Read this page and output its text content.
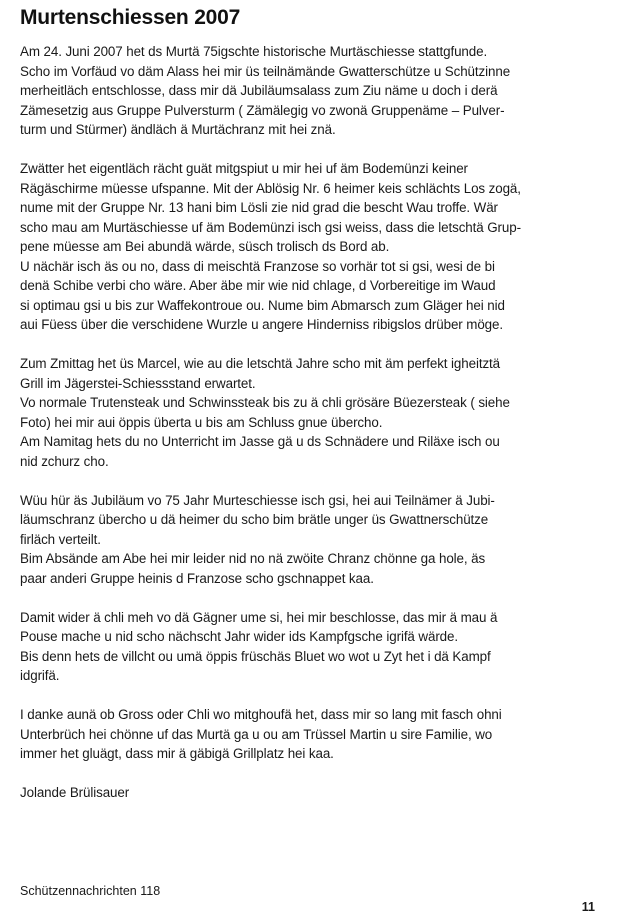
Murtenschiessen 2007

Am 24. Juni 2007 het ds Murtä 75igschte historische Murtäschiesse stattgfunde.
Scho im Vorfäud vo däm Alass hei mir üs teilnämände Gwatterschütze u Schützinne
merheitläch entschlosse, dass mir dä Jubiläumsalass zum Ziu näme u doch i derä
Zämesetzig aus Gruppe Pulversturm ( Zämälegig vo zwonä Gruppenäme – Pulver-
turm und Stürmer) ändläch ä Murtächranz mit hei znä.

Zwätter het eigentläch rächt guät mitgspiut u mir hei uf äm Bodemünzi keiner
Rägäschirme müesse ufspanne. Mit der Ablösig Nr. 6 heimer keis schlächts Los zogä,
nume mit der Gruppe Nr. 13 hani bim Lösli zie nid grad die bescht Wau troffe. Wär
scho mau am Murtäschiesse uf äm Bodemünzi isch gsi weiss, dass die letschtä Grup-
pene müesse am Bei abundä wärde, süsch trolisch ds Bord ab.
U nächär isch äs ou no, dass di meischtä Franzose so vorhär tot si gsi, wesi de bi
denä Schibe verbi cho wäre. Aber äbe mir wie nid chlage, d Vorbereitige im Waud
si optimau gsi u bis zur Waffekontroue ou. Nume bim Abmarsch zum Gläger hei nid
aui Füess über die verschidene Wurzle u angere Hinderniss ribigslos drüber möge.

Zum Zmittag het üs Marcel, wie au die letschtä Jahre scho mit äm perfekt igheitztä
Grill im Jägerstei-Schiessstand erwartet.
Vo normale Trutensteak und Schwinssteak bis zu ä chli grösäre Büezersteak ( siehe
Foto) hei mir aui öppis überta u bis am Schluss gnue übercho.
Am Namitag hets du no Unterricht im Jasse gä u ds Schnädere und Riläxe isch ou
nid zchurz cho.

Wüu hür äs Jubiläum vo 75 Jahr Murteschiesse isch gsi, hei aui Teilnämer ä Jubi-
läumschranz übercho u dä heimer du scho bim brätle unger üs Gwattnerschütze
firläch verteilt.
Bim Absände am Abe hei mir leider nid no nä zwöite Chranz chönne ga hole, äs
paar anderi Gruppe heinis d Franzose scho gschnappet kaa.

Damit wider ä chli meh vo dä Gägner ume si, hei mir beschlosse, das mir ä mau ä
Pouse mache u nid scho nächscht Jahr wider ids Kampfgsche igrifä wärde.
Bis denn hets de villcht ou umä öppis früschäs Bluet wo wot u Zyt het i dä Kampf
idgrifä.

I danke aunä ob Gross oder Chli wo mitghoufä het, dass mir so lang mit fasch ohni
Unterbrüch hei chönne uf das Murtä ga u ou am Trüssel Martin u sire Familie, wo
immer het gluägt, dass mir ä gäbigä Grillplatz hei kaa.

Jolande Brülisauer

Schützennachrichten 118
11
